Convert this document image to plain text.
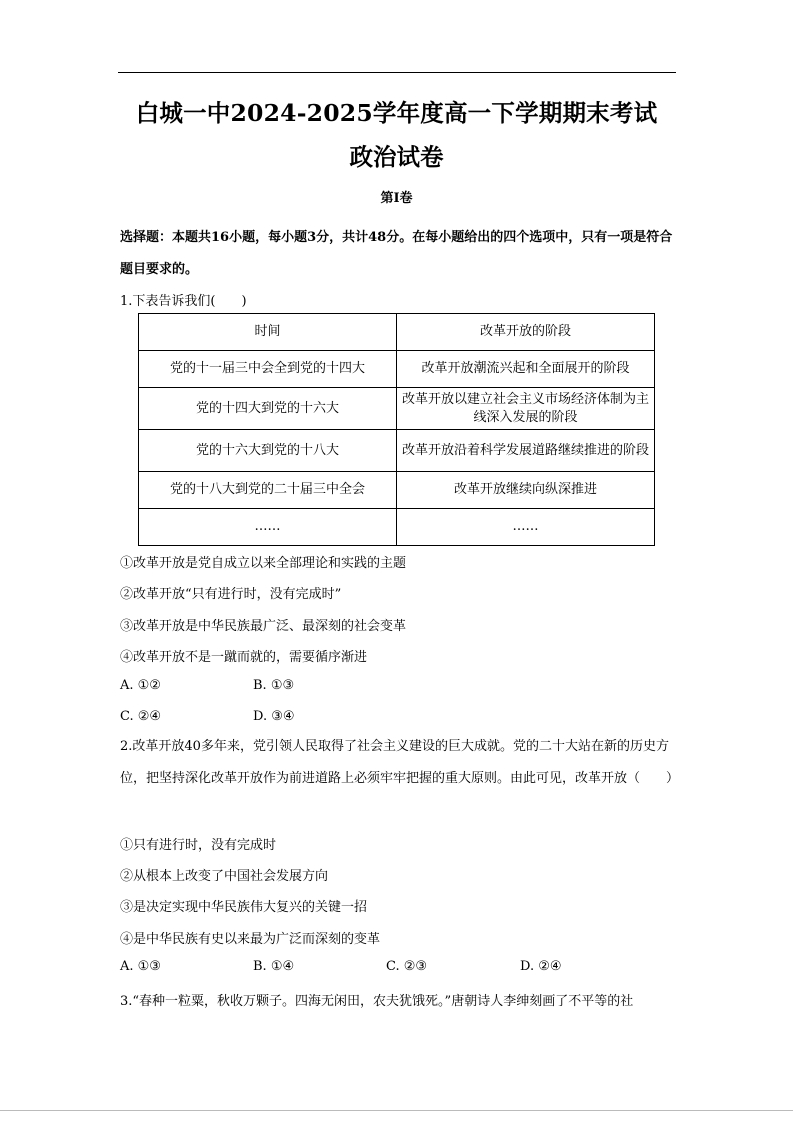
白城一中2024-2025学年度高一下学期期末考试
政治试卷
第Ⅰ卷
选择题：本题共16小题，每小题3分，共计48分。在每小题给出的四个选项中，只有一项是符合题目要求的。
1.下表告诉我们(　　)
时间	改革开放的阶段
党的十一届三中会全到党的十四大	改革开放潮流兴起和全面展开的阶段
党的十四大到党的十六大	改革开放以建立社会主义市场经济体制为主线深入发展的阶段
党的十六大到党的十八大	改革开放沿着科学发展道路继续推进的阶段
党的十八大到党的二十届三中全会	改革开放继续向纵深推进
……	……
①改革开放是党自成立以来全部理论和实践的主题
②改革开放“只有进行时，没有完成时”
③改革开放是中华民族最广泛、最深刻的社会变革
④改革开放不是一蹴而就的，需要循序渐进
A. ①②	B. ①③
C. ②④	D. ③④
2.改革开放40多年来，党引领人民取得了社会主义建设的巨大成就。党的二十大站在新的历史方位，把坚持深化改革开放作为前进道路上必须牢牢把握的重大原则。由此可见，改革开放（　　）
①只有进行时，没有完成时
②从根本上改变了中国社会发展方向
③是决定实现中华民族伟大复兴的关键一招
④是中华民族有史以来最为广泛而深刻的变革
A. ①③	B. ①④	C. ②③	D. ②④
3.“春种一粒粟，秋收万颗子。四海无闲田，农夫犹饿死。”唐朝诗人李绅刻画了不平等的社
